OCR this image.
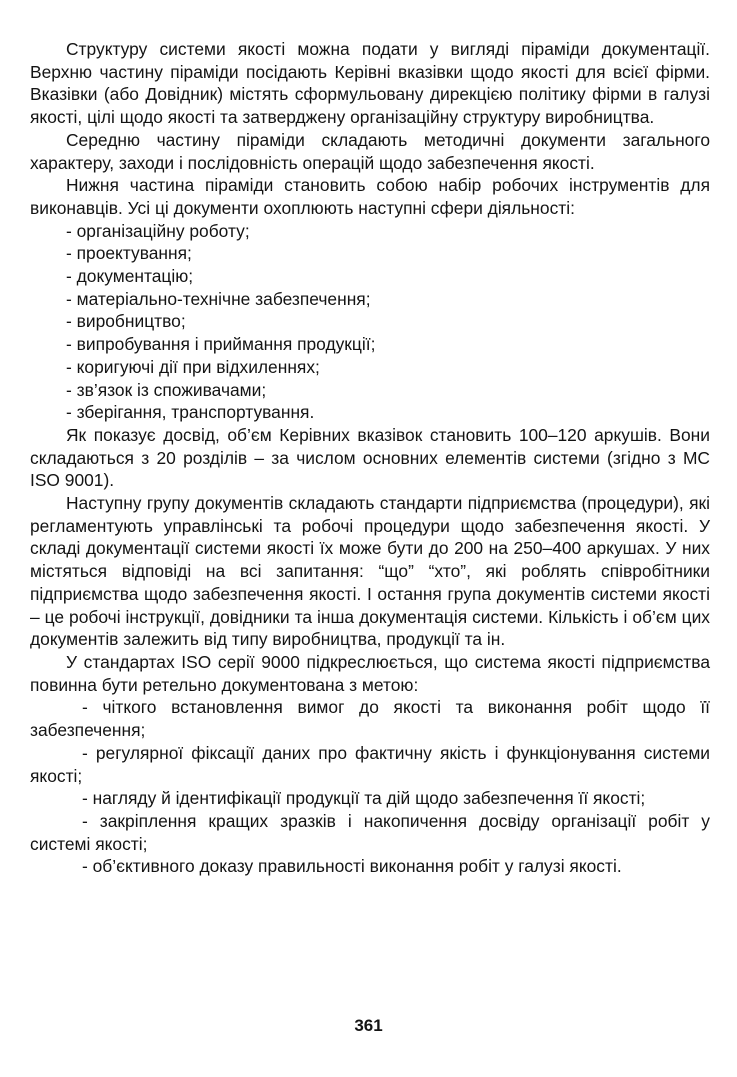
Структуру системи якості можна подати у вигляді піраміди документації. Верхню частину піраміди посідають Керівні вказівки щодо якості для всієї фірми. Вказівки (або Довідник) містять сформульовану дирекцією політику фірми в галузі якості, цілі щодо якості та затверджену організаційну структуру виробництва.

Середню частину піраміди складають методичні документи загального характеру, заходи і послідовність операцій щодо забезпечення якості.

Нижня частина піраміди становить собою набір робочих інструментів для виконавців. Усі ці документи охоплюють наступні сфери діяльності:

- організаційну роботу;

- проектування;

- документацію;

- матеріально-технічне забезпечення;

- виробництво;

- випробування і приймання продукції;

- коригуючі дії при відхиленнях;

- зв’язок із споживачами;

- зберігання, транспортування.

Як показує досвід, об’єм Керівних вказівок становить 100–120 аркушів. Вони складаються з 20 розділів – за числом основних елементів системи (згідно з МС ISO 9001).

Наступну групу документів складають стандарти підприємства (процедури), які регламентують управлінські та робочі процедури щодо забезпечення якості. У складі документації системи якості їх може бути до 200 на 250–400 аркушах. У них містяться відповіді на всі запитання: “що” “хто”, які роблять співробітники підприємства щодо забезпечення якості. І остання група документів системи якості – це робочі інструкції, довідники та інша документація системи. Кількість і об’єм цих документів залежить від типу виробництва, продукції та ін.

У стандартах ISO серії 9000 підкреслюється, що система якості підприємства повинна бути ретельно документована з метою:

- чіткого встановлення вимог до якості та виконання робіт щодо її забезпечення;

- регулярної фіксації даних про фактичну якість і функціонування системи якості;

- нагляду й ідентифікації продукції та дій щодо забезпечення її якості;

- закріплення кращих зразків і накопичення досвіду організації робіт у системі якості;

- об’єктивного доказу правильності виконання робіт у галузі якості.

361
